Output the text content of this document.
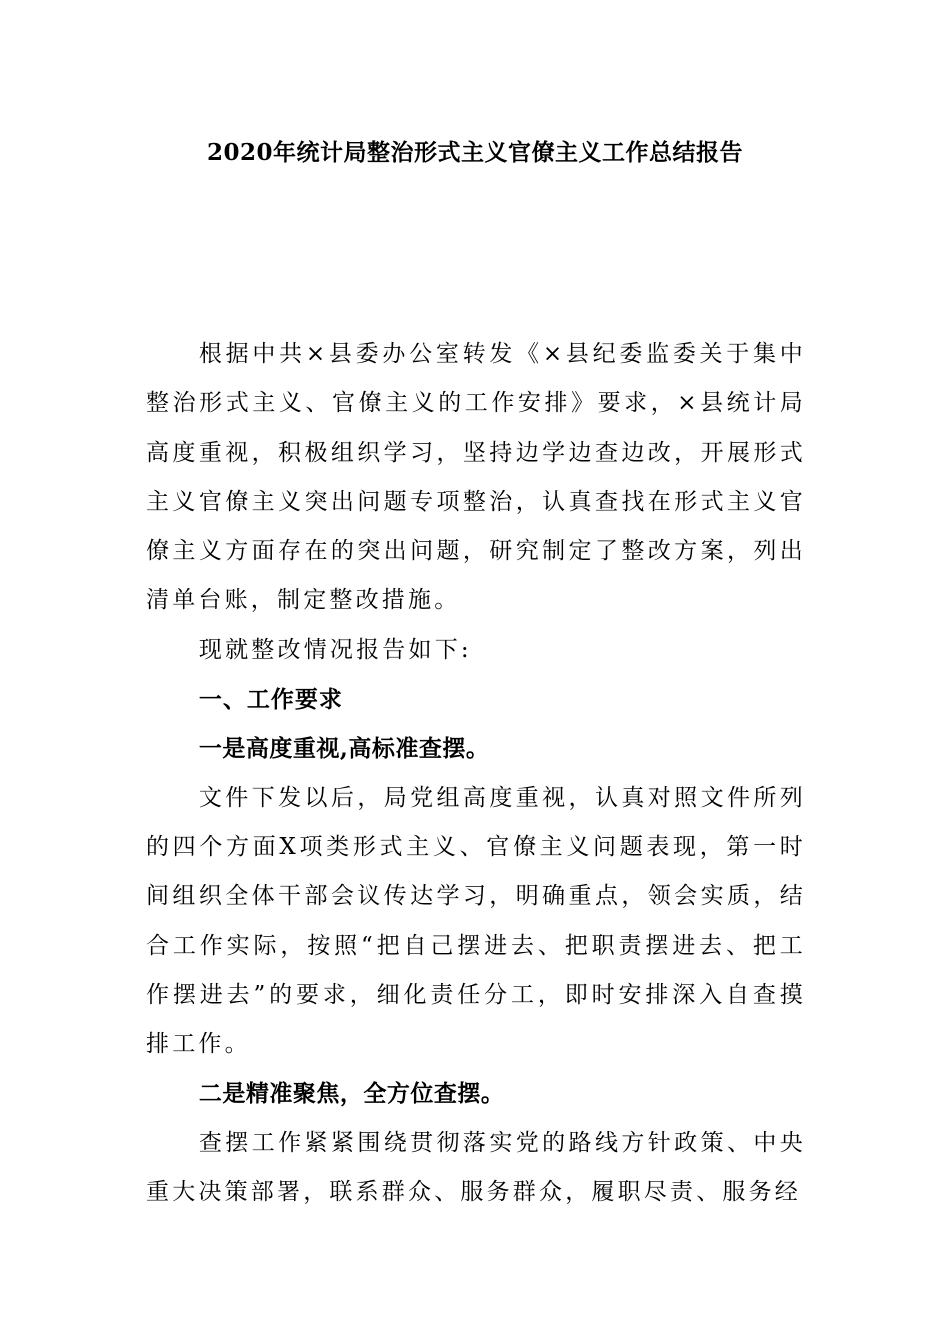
2020年统计局整治形式主义官僚主义工作总结报告

根据中共×县委办公室转发《×县纪委监委关于集中整治形式主义、官僚主义的工作安排》要求，×县统计局高度重视，积极组织学习，坚持边学边查边改，开展形式主义官僚主义突出问题专项整治，认真查找在形式主义官僚主义方面存在的突出问题，研究制定了整改方案，列出清单台账，制定整改措施。

现就整改情况报告如下:

一、工作要求

一是高度重视,高标准查摆。

文件下发以后，局党组高度重视，认真对照文件所列的四个方面X项类形式主义、官僚主义问题表现，第一时间组织全体干部会议传达学习，明确重点，领会实质，结合工作实际，按照“把自己摆进去、把职责摆进去、把工作摆进去”的要求，细化责任分工，即时安排深入自查摸排工作。

二是精准聚焦，全方位查摆。

查摆工作紧紧围绕贯彻落实党的路线方针政策、中央重大决策部署，联系群众、服务群众，履职尽责、服务经
